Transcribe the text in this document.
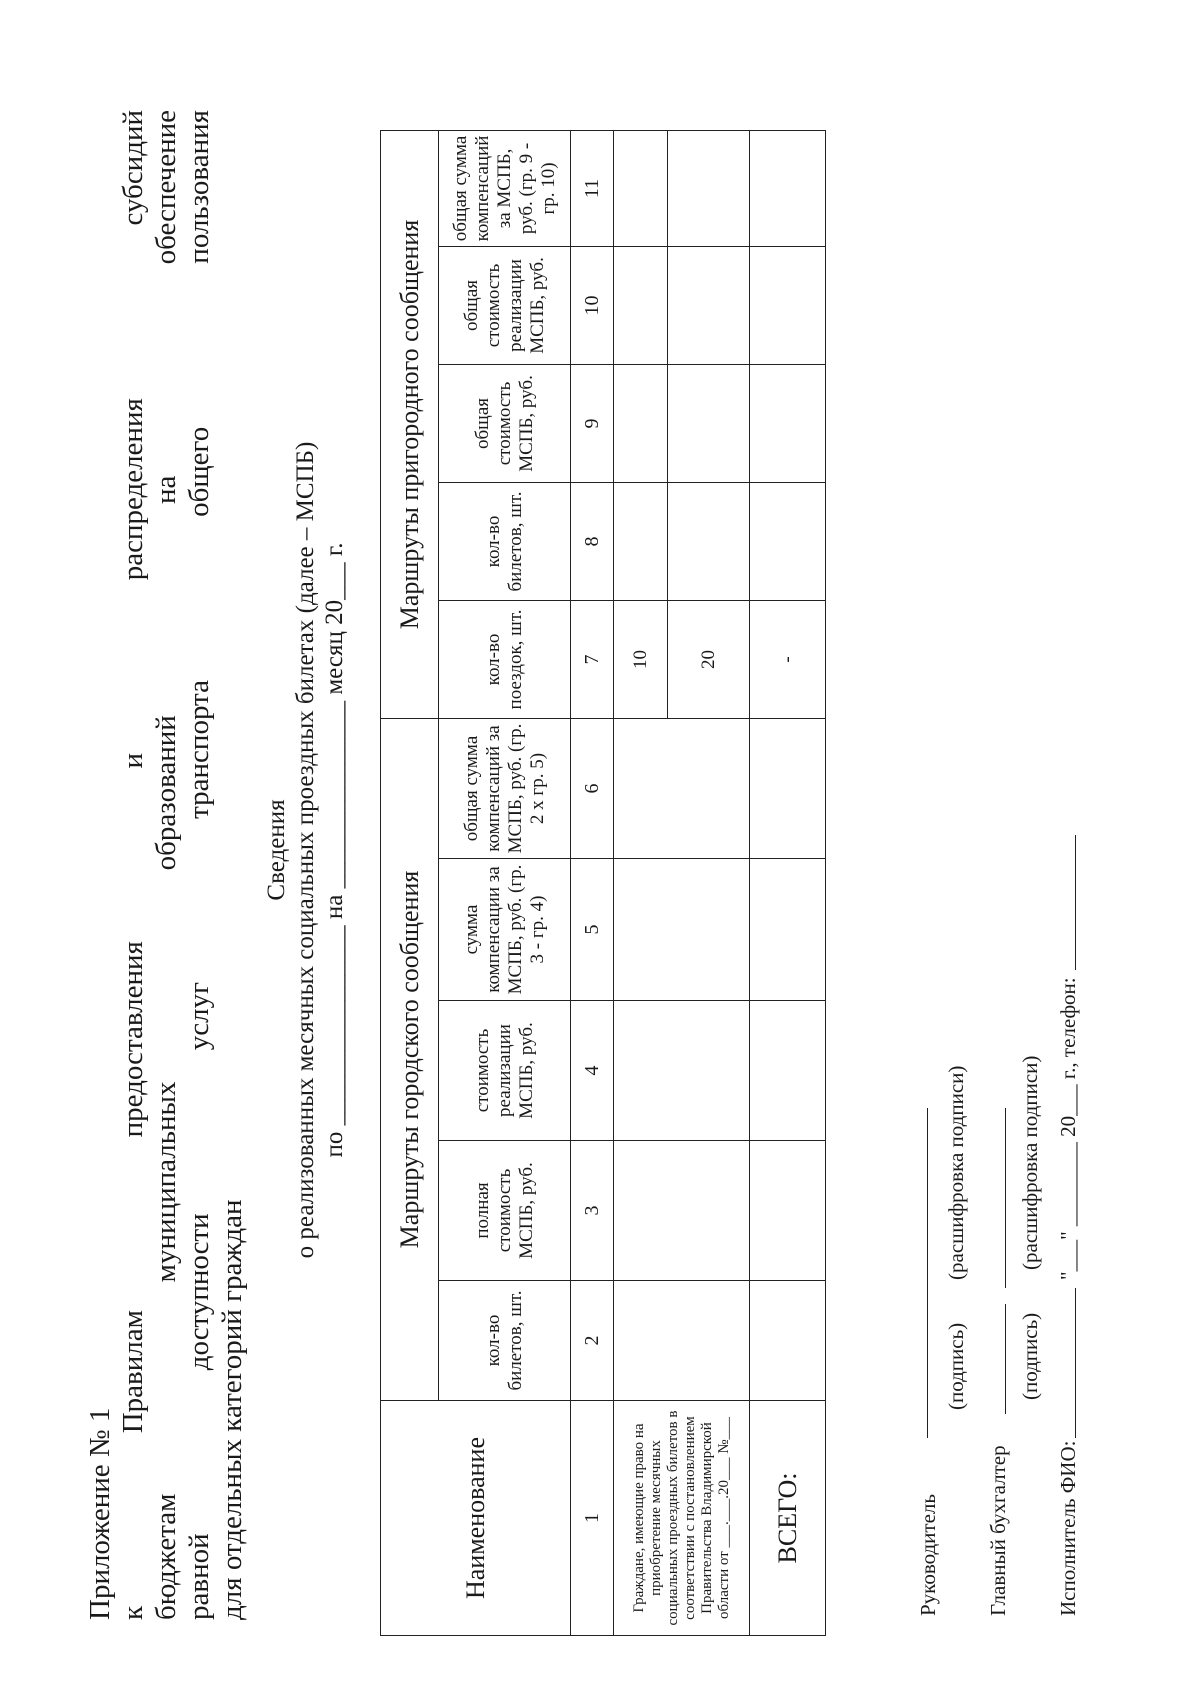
Приложение № 1 к Правилам предоставления и распределения субсидий бюджетам муниципальных образований на обеспечение равной доступности услуг транспорта общего пользования для отдельных категорий граждан
Сведения о реализованных месячных социальных проездных билетах (далее – МСПБ) по ________________ на _______________ месяц 20___ г.
Наименование	Маршруты городского сообщения					Маршруты пригородного сообщения				
	кол-во билетов, шт.	полная стоимость МСПБ, руб.	стоимость реализации МСПБ, руб.	сумма компенсации за МСПБ, руб. (гр. 3 - гр. 4)	общая сумма компенсаций за МСПБ, руб. (гр. 2 х гр. 5)	кол-во поездок, шт.	кол-во билетов, шт.	общая стоимость МСПБ, руб.	общая стоимость реализации МСПБ, руб.	общая сумма компенсаций за МСПБ, руб. (гр. 9 - гр. 10)
1	2	3	4	5	6	7	8	9	10	11
Граждане, имеющие право на приобретение месячных социальных проездных билетов в соответствии с постановлением Правительства Владимирской области от ___.___.20___ №___						10				
						20				
ВСЕГО:						-				
Руководитель
(подпись)
(расшифровка подписи)
Главный бухгалтер
(подпись)
(расшифровка подписи)
Исполнитель ФИО:
"___" ________ 20___ г., телефон:
